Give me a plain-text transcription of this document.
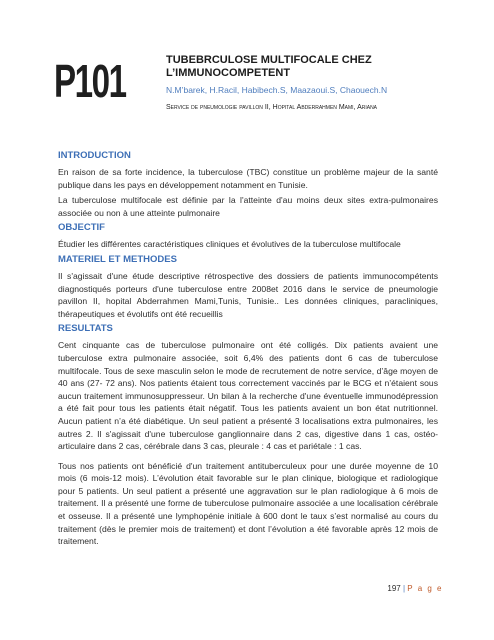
P101	TUBEBRCULOSE MULTIFOCALE CHEZ
L’IMMUNOCOMPETENT
N.M’barek, H.Racil, Habibech.S, Maazaoui.S, Chaouech.N
Service de pneumologie pavillon II, Hopital Abderrahmen Mami, Ariana
INTRODUCTION

En raison de sa forte incidence, la tuberculose (TBC) constitue un problème majeur de la santé publique dans les pays en développement notamment en Tunisie.

La tuberculose multifocale est définie par la l'atteinte d'au moins deux sites extra-pulmonaires associée ou non à une atteinte pulmonaire

OBJECTIF

Étudier les différentes caractéristiques cliniques et évolutives de la tuberculose multifocale

MATERIEL ET METHODES

Il s'agissait d'une étude descriptive rétrospective des dossiers de patients immunocompétents diagnostiqués porteurs d'une tuberculose entre 2008et 2016 dans le service de pneumologie pavillon II, hopital Abderrahmen Mami,Tunis, Tunisie.. Les données cliniques, paracliniques, thérapeutiques et évolutifs ont été recueillis

RESULTATS

Cent cinquante cas de tuberculose pulmonaire ont été colligés. Dix patients avaient une tuberculose extra pulmonaire associée, soit 6,4% des patients dont 6 cas de tuberculose multifocale. Tous de sexe masculin selon le mode de recrutement de notre service, d’âge moyen de 40 ans (27- 72 ans). Nos patients étaient tous correctement vaccinés par le BCG et n’étaient sous aucun traitement immunosuppresseur. Un bilan à la recherche d'une éventuelle immunodépression a été fait pour tous les patients était négatif. Tous les patients avaient un bon état nutritionnel. Aucun patient n’a été diabétique. Un seul patient a présenté 3 localisations extra pulmonaires, les autres 2. Il s'agissait d'une tuberculose ganglionnaire dans 2 cas, digestive dans 1 cas, ostéo-articulaire dans 2 cas, cérébrale dans 3 cas, pleurale : 4 cas et pariétale : 1 cas.

Tous nos patients ont bénéficié d'un traitement antituberculeux pour une durée moyenne de 10 mois (6 mois-12 mois). L’évolution était favorable sur le plan clinique, biologique et radiologique pour 5 patients. Un seul patient a présenté une aggravation sur le plan radiologique à 6 mois de traitement. Il a présenté une forme de tuberculose pulmonaire associée a une localisation cérébrale et osseuse. Il a présenté une lymphopénie initiale à 600 dont le taux s’est normalisé au cours du traitement (dès le premier mois de traitement) et dont l’évolution a été favorable après 12 mois de traitement.

197 | P a g e
